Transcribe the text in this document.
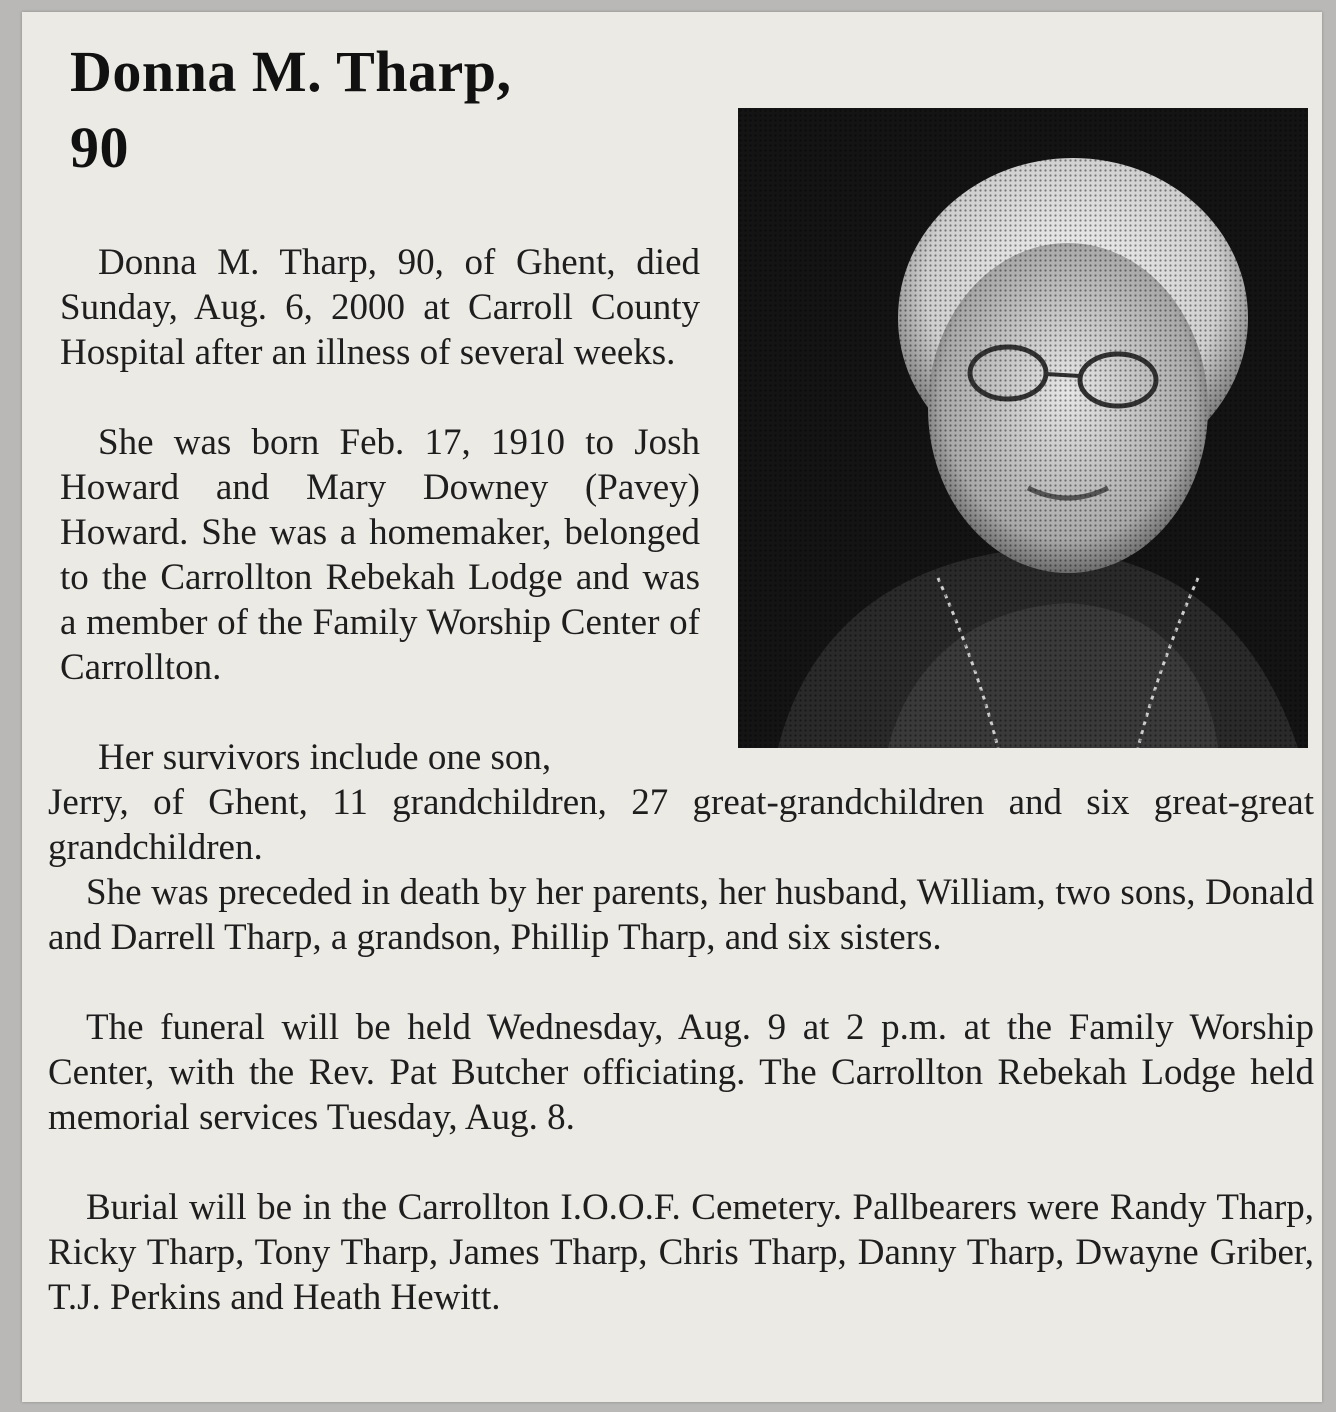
Donna M. Tharp,
90

Donna M. Tharp, 90, of Ghent, died Sunday, Aug. 6, 2000 at Carroll County Hospital after an illness of several weeks.

She was born Feb. 17, 1910 to Josh Howard and Mary Downey (Pavey) Howard. She was a homemaker, belonged to the Carrollton Rebekah Lodge and was a member of the Family Worship Center of Carrollton.

Her survivors include one son,

Jerry, of Ghent, 11 grandchildren, 27 great-grandchildren and six great-great grandchildren.

She was preceded in death by her parents, her husband, William, two sons, Donald and Darrell Tharp, a grandson, Phillip Tharp, and six sisters.

The funeral will be held Wednesday, Aug. 9 at 2 p.m. at the Family Worship Center, with the Rev. Pat Butcher officiating. The Carrollton Rebekah Lodge held memorial services Tuesday, Aug. 8.

Burial will be in the Carrollton I.O.O.F. Cemetery. Pallbearers were Randy Tharp, Ricky Tharp, Tony Tharp, James Tharp, Chris Tharp, Danny Tharp, Dwayne Griber, T.J. Perkins and Heath Hewitt.
